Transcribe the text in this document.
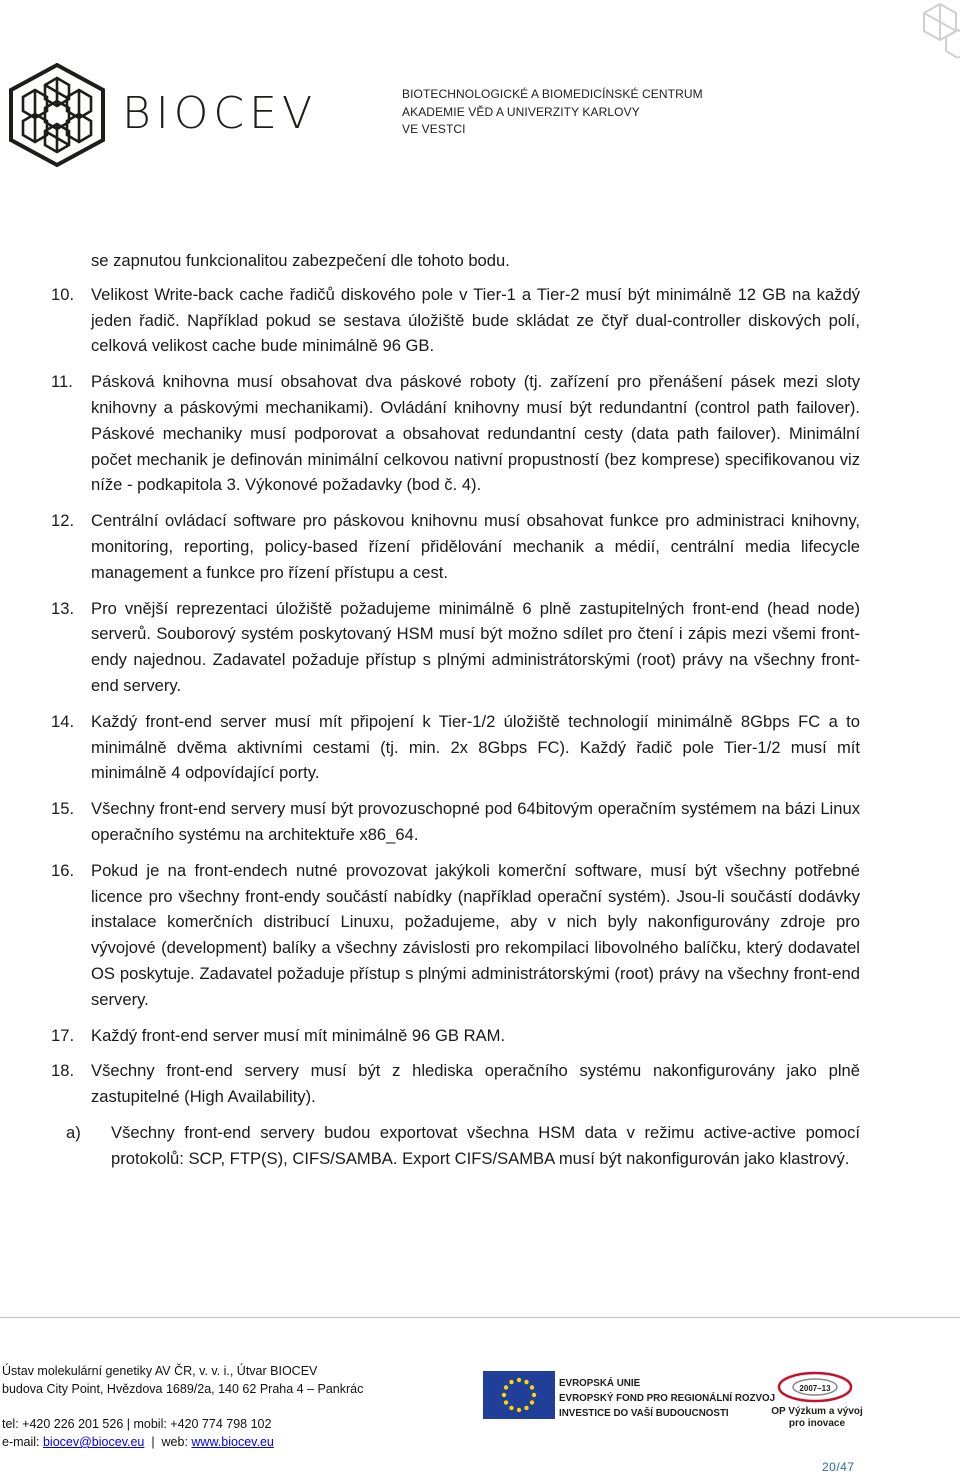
BIOCEV	BIOTECHNOLOGICKÉ A BIOMEDICÍNSKÉ CENTRUM
AKADEMIE VĚD A UNIVERZITY KARLOVY
VE VESTCI
se zapnutou funkcionalitou zabezpečení dle tohoto bodu.
10. Velikost Write-back cache řadičů diskového pole v Tier-1 a Tier-2 musí být minimálně 12 GB na každý jeden řadič. Například pokud se sestava úložiště bude skládat ze čtyř dual-controller diskových polí, celková velikost cache bude minimálně 96 GB.
11. Pásková knihovna musí obsahovat dva páskové roboty (tj. zařízení pro přenášení pásek mezi sloty knihovny a páskovými mechanikami). Ovládání knihovny musí být redundantní (control path failover). Páskové mechaniky musí podporovat a obsahovat redundantní cesty (data path failover). Minimální počet mechanik je definován minimální celkovou nativní propustností (bez komprese) specifikovanou viz níže - podkapitola 3. Výkonové požadavky (bod č. 4).
12. Centrální ovládací software pro páskovou knihovnu musí obsahovat funkce pro administraci knihovny, monitoring, reporting, policy-based řízení přidělování mechanik a médií, centrální media lifecycle management a funkce pro řízení přístupu a cest.
13. Pro vnější reprezentaci úložiště požadujeme minimálně 6 plně zastupitelných front-end (head node) serverů. Souborový systém poskytovaný HSM musí být možno sdílet pro čtení i zápis mezi všemi front-endy najednou. Zadavatel požaduje přístup s plnými administrátorskými (root) právy na všechny front-end servery.
14. Každý front-end server musí mít připojení k Tier-1/2 úložiště technologií minimálně 8Gbps FC a to minimálně dvěma aktivními cestami (tj. min. 2x 8Gbps FC). Každý řadič pole Tier-1/2 musí mít minimálně 4 odpovídající porty.
15. Všechny front-end servery musí být provozuschopné pod 64bitovým operačním systémem na bázi Linux operačního systému na architektuře x86_64.
16. Pokud je na front-endech nutné provozovat jakýkoli komerční software, musí být všechny potřebné licence pro všechny front-endy součástí nabídky (například operační systém). Jsou-li součástí dodávky instalace komerčních distribucí Linuxu, požadujeme, aby v nich byly nakonfigurovány zdroje pro vývojové (development) balíky a všechny závislosti pro rekompilaci libovolného balíčku, který dodavatel OS poskytuje. Zadavatel požaduje přístup s plnými administrátorskými (root) právy na všechny front-end servery.
17. Každý front-end server musí mít minimálně 96 GB RAM.
18. Všechny front-end servery musí být z hlediska operačního systému nakonfigurovány jako plně zastupitelné (High Availability).
a) Všechny front-end servery budou exportovat všechna HSM data v režimu active-active pomocí protokolů: SCP, FTP(S), CIFS/SAMBA. Export CIFS/SAMBA musí být nakonfigurován jako klastrový.
Ústav molekulární genetiky AV ČR, v. v. i., Útvar BIOCEV
budova City Point, Hvězdova 1689/2a, 140 62 Praha 4 – Pankrác
tel: +420 226 201 526 | mobil: +420 774 798 102
e-mail: biocev@biocev.eu  |  web: www.biocev.eu
EVROPSKÁ UNIE
EVROPSKÝ FOND PRO REGIONÁLNÍ ROZVOJ
INVESTICE DO VAŠÍ BUDOUCNOSTI
2007–13
OP Výzkum a vývoj
pro inovace
20/47
